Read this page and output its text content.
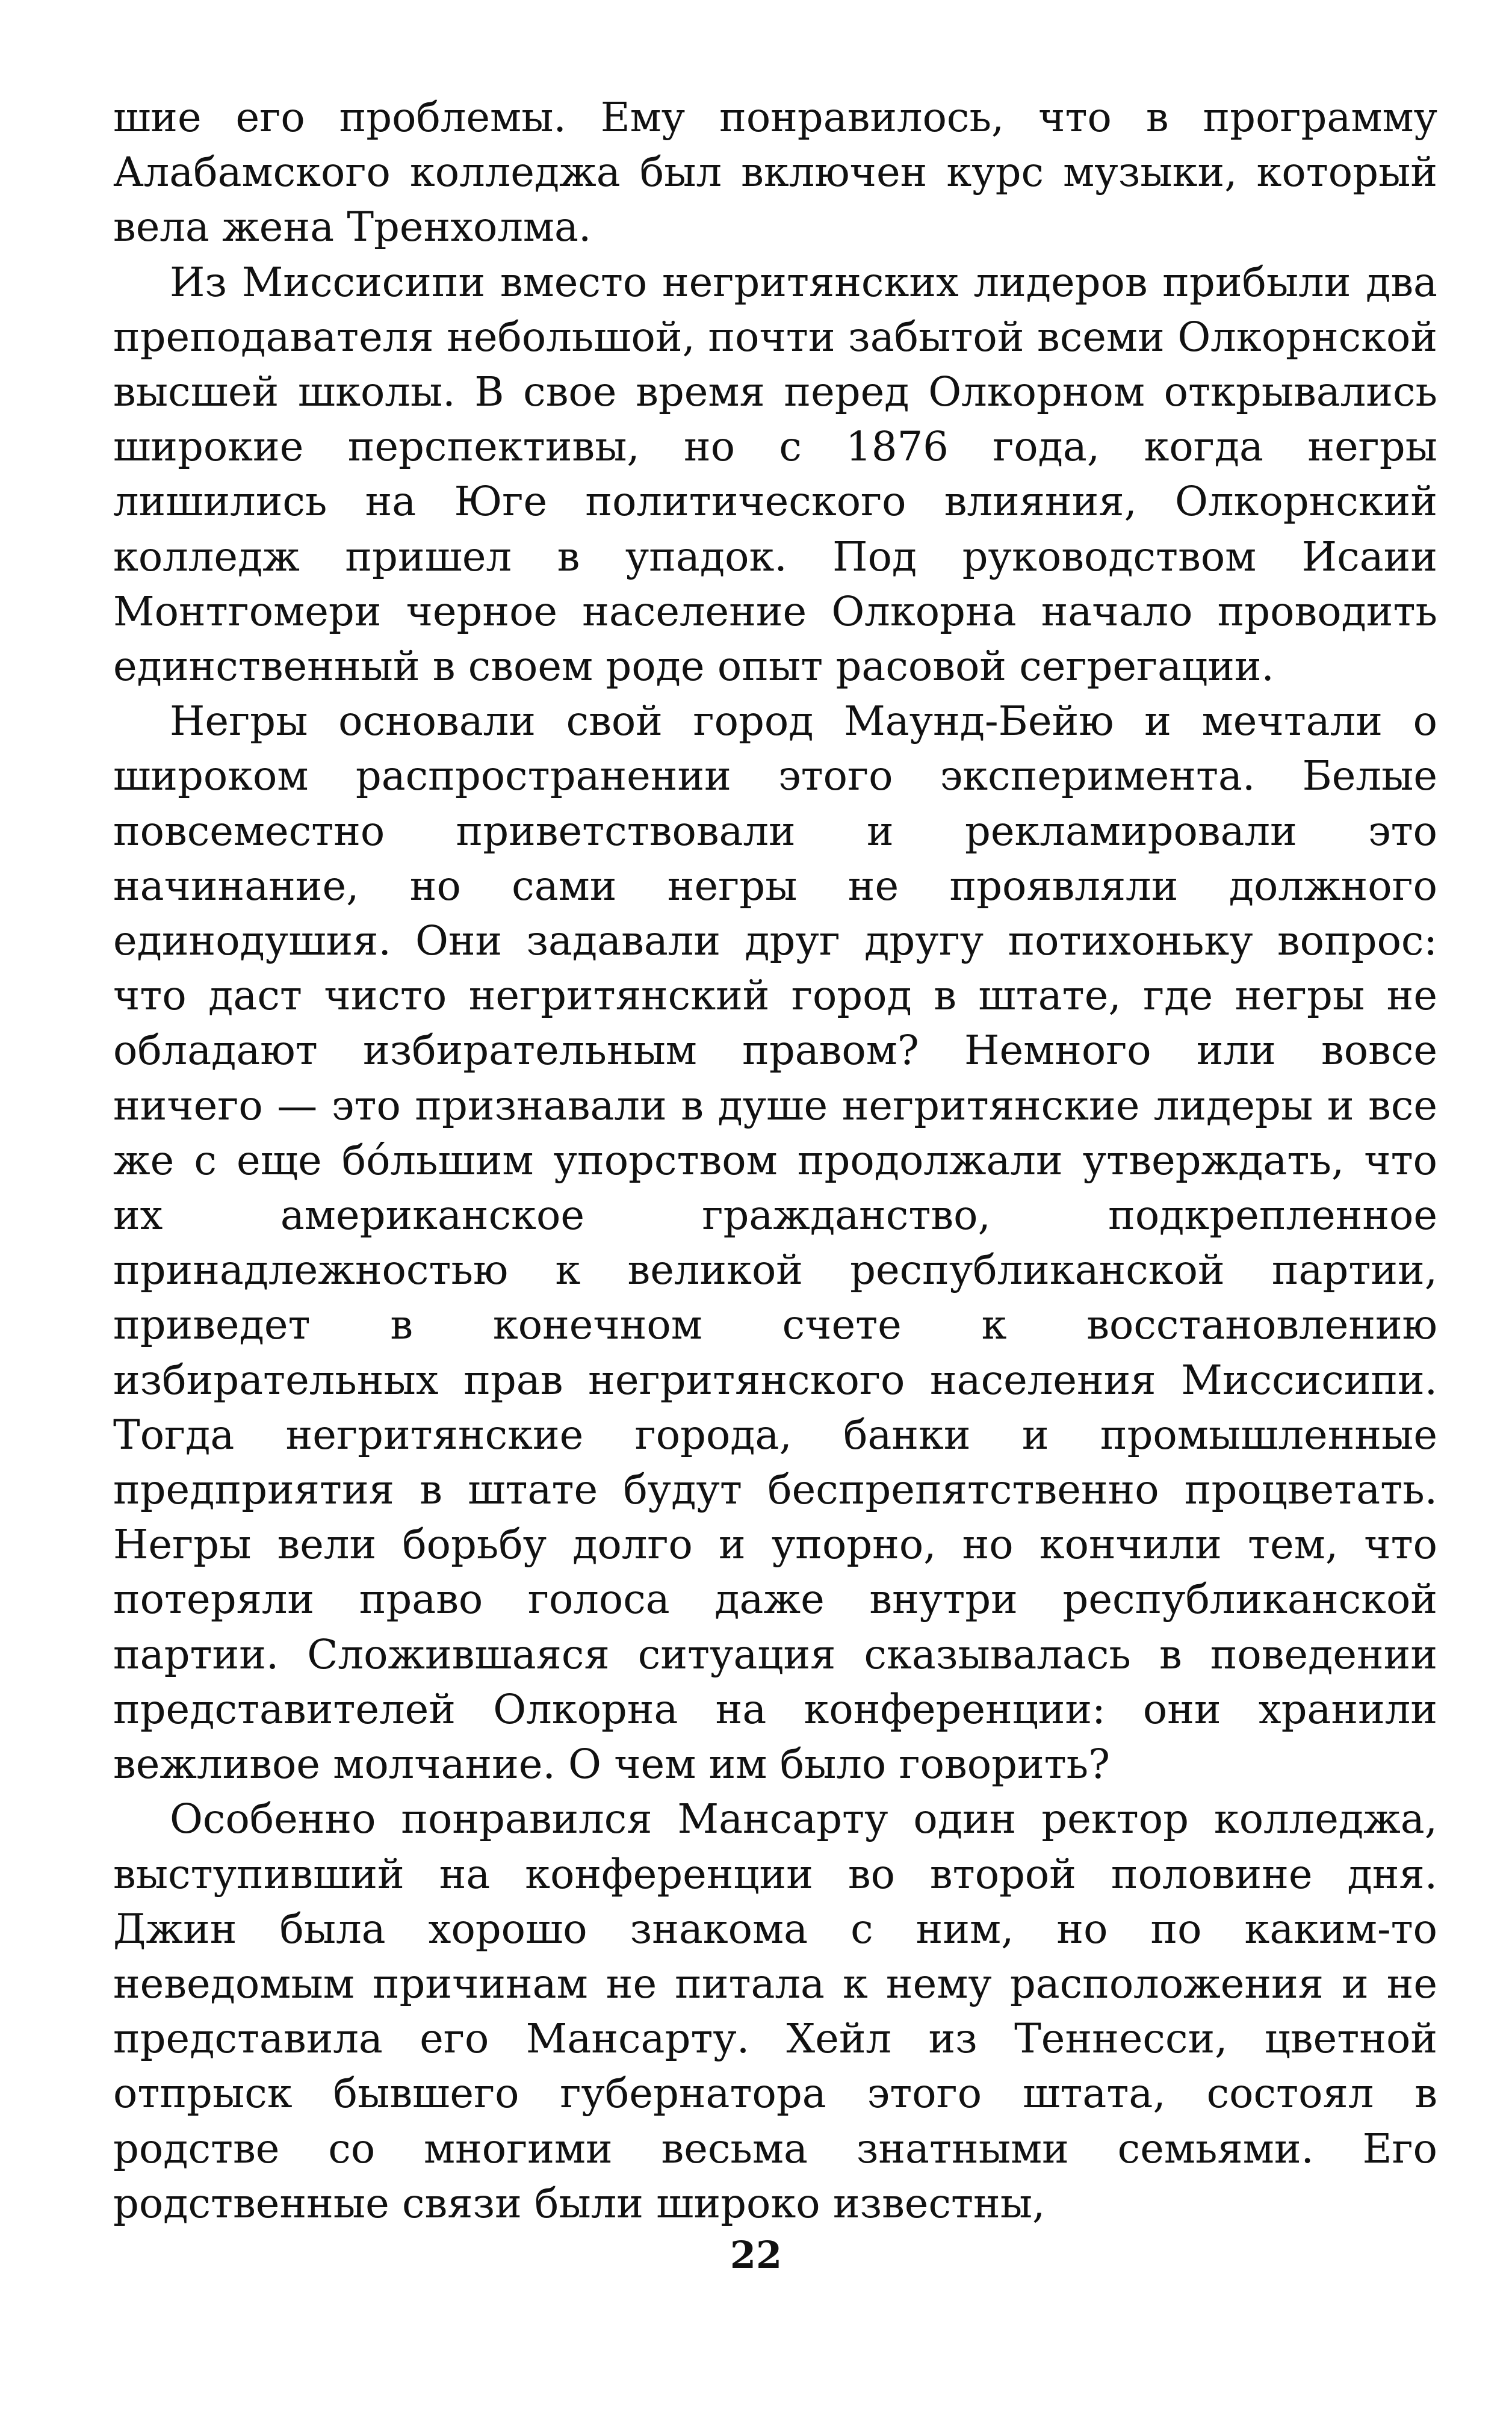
шие его проблемы. Ему понравилось, что в программу Алабамского колледжа был включен курс музыки, который вела жена Тренхолма.

Из Миссисипи вместо негритянских лидеров прибыли два преподавателя небольшой, почти забытой всеми Олкорнской высшей школы. В свое время перед Олкорном открывались широкие перспективы, но с 1876 года, когда негры лишились на Юге политического влияния, Олкорнский колледж пришел в упадок. Под руководством Исаии Монтгомери черное население Олкорна начало проводить единственный в своем роде опыт расовой сегрегации.

Негры основали свой город Маунд-Бейю и мечтали о широком распространении этого эксперимента. Белые повсеместно приветствовали и рекламировали это начинание, но сами негры не проявляли должного единодушия. Они задавали друг другу потихоньку вопрос: что даст чисто негритянский город в штате, где негры не обладают избирательным правом? Немного или вовсе ничего — это признавали в душе негритянские лидеры и все же с еще бóльшим упорством продолжали утверждать, что их американское гражданство, подкрепленное принадлежностью к великой республиканской партии, приведет в конечном счете к восстановлению избирательных прав негритянского населения Миссисипи. Тогда негритянские города, банки и промышленные предприятия в штате будут беспрепятственно процветать. Негры вели борьбу долго и упорно, но кончили тем, что потеряли право голоса даже внутри республиканской партии. Сложившаяся ситуация сказывалась в поведении представителей Олкорна на конференции: они хранили вежливое молчание. О чем им было говорить?

Особенно понравился Мансарту один ректор колледжа, выступивший на конференции во второй половине дня. Джин была хорошо знакома с ним, но по каким-то неведомым причинам не питала к нему расположения и не представила его Мансарту. Хейл из Теннесси, цветной отпрыск бывшего губернатора этого штата, состоял в родстве со многими весьма знатными семьями. Его родственные связи были широко известны,

22
